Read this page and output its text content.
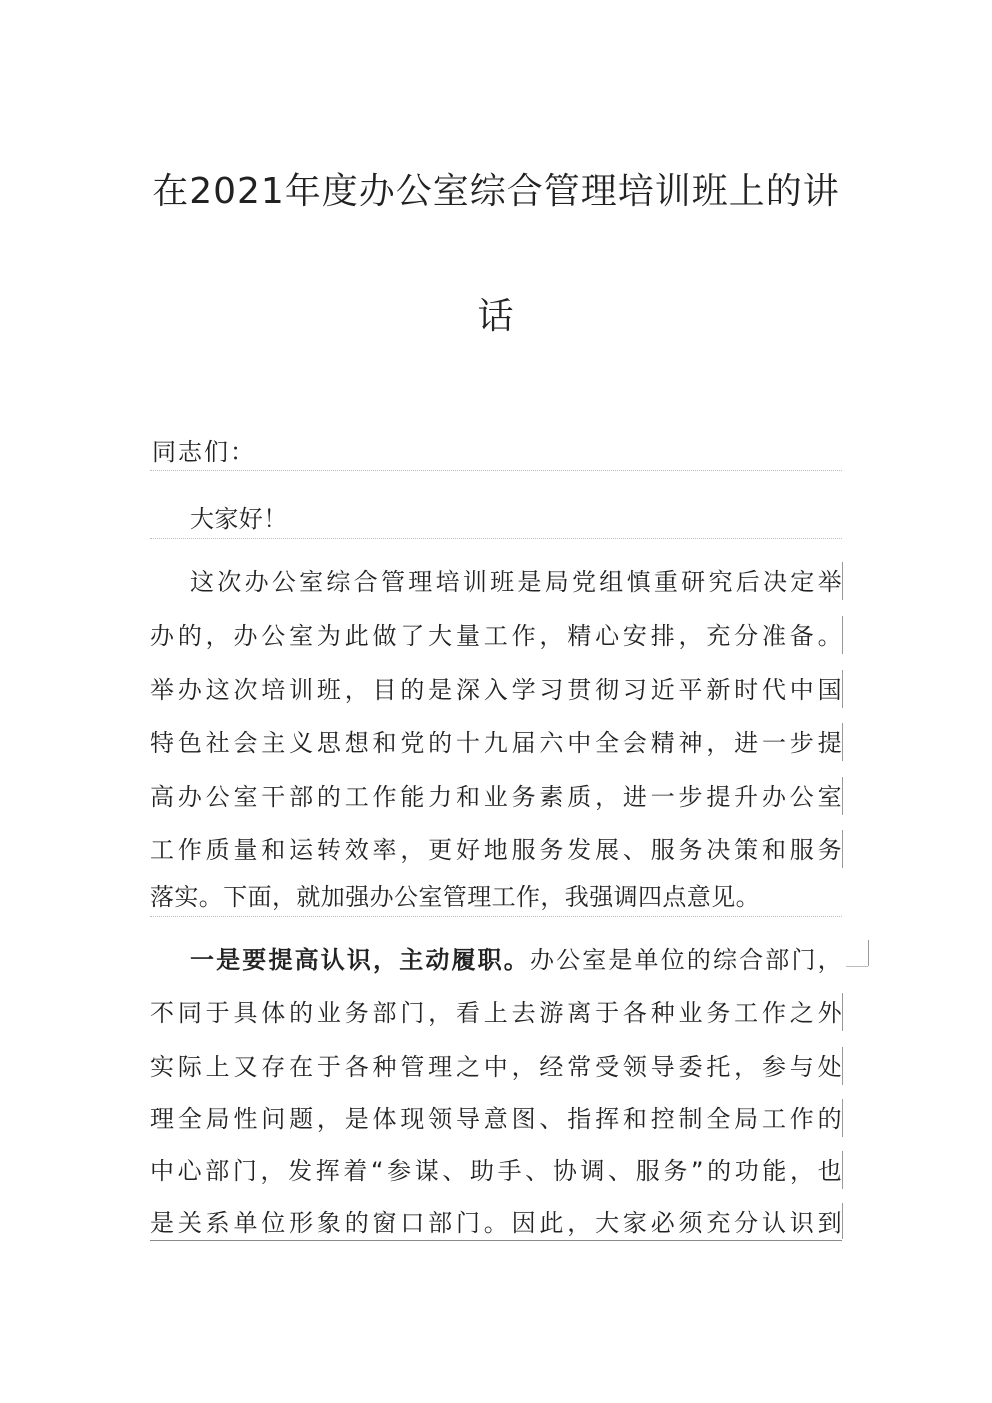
在2021年度办公室综合管理培训班上的讲
话
同志们：
大家好！
这次办公室综合管理培训班是局党组慎重研究后决定举
办的，办公室为此做了大量工作，精心安排，充分准备。
举办这次培训班，目的是深入学习贯彻习近平新时代中国
特色社会主义思想和党的十九届六中全会精神，进一步提
高办公室干部的工作能力和业务素质，进一步提升办公室
工作质量和运转效率，更好地服务发展、服务决策和服务
落实。下面，就加强办公室管理工作，我强调四点意见。
一是要提高认识，主动履职。办公室是单位的综合部门，
不同于具体的业务部门，看上去游离于各种业务工作之外
实际上又存在于各种管理之中，经常受领导委托，参与处
理全局性问题，是体现领导意图、指挥和控制全局工作的
中心部门，发挥着“参谋、助手、协调、服务”的功能，也
是关系单位形象的窗口部门。因此，大家必须充分认识到
